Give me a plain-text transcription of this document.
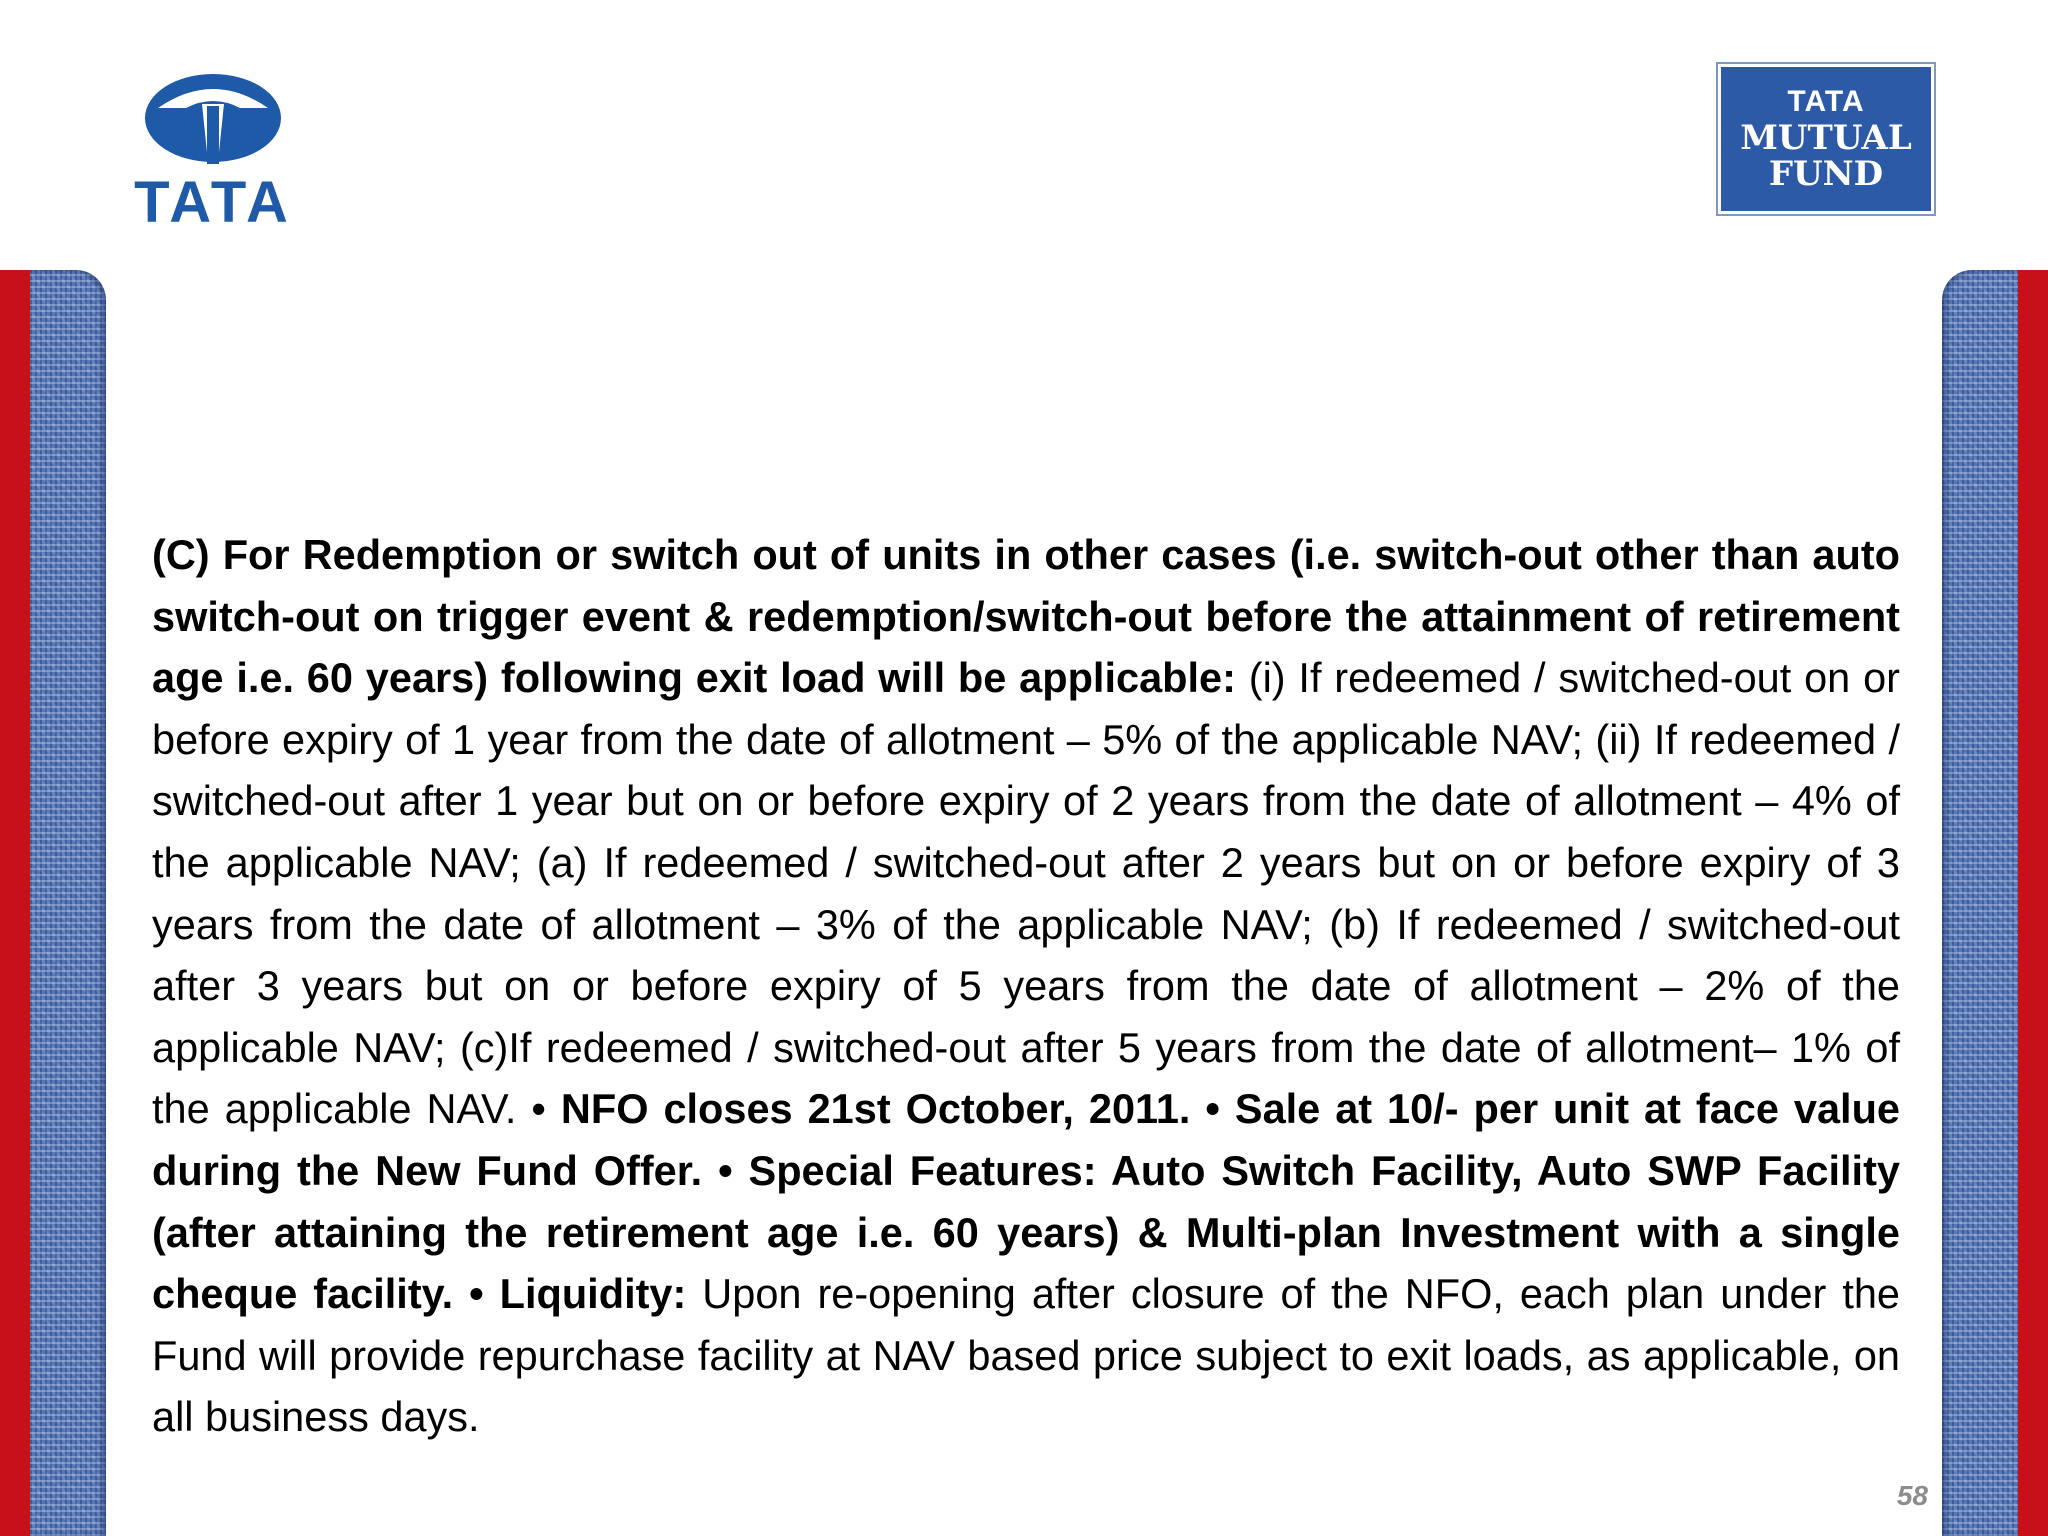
TATA
TATA
MUTUAL
FUND
(C) For Redemption or switch out of units in other cases (i.e. switch-out other than auto switch-out on trigger event & redemption/switch-out before the attainment of retirement age i.e. 60 years) following exit load will be applicable: (i) If redeemed / switched-out on or before expiry of 1 year from the date of allotment – 5% of the applicable NAV; (ii) If redeemed / switched-out after 1 year but on or before expiry of 2 years from the date of allotment – 4% of the applicable NAV; (a) If redeemed / switched-out after 2 years but on or before expiry of 3 years from the date of allotment – 3% of the applicable NAV; (b) If redeemed / switched-out after 3 years but on or before expiry of 5 years from the date of allotment – 2% of the applicable NAV; (c)If redeemed / switched-out after 5 years from the date of allotment– 1% of the applicable NAV. • NFO closes 21st October, 2011. • Sale at 10/- per unit at face value during the New Fund Offer. • Special Features: Auto Switch Facility, Auto SWP Facility (after attaining the retirement age i.e. 60 years) & Multi-plan Investment with a single cheque facility. • Liquidity: Upon re-opening after closure of the NFO, each plan under the Fund will provide repurchase facility at NAV based price subject to exit loads, as applicable, on all business days.
58
